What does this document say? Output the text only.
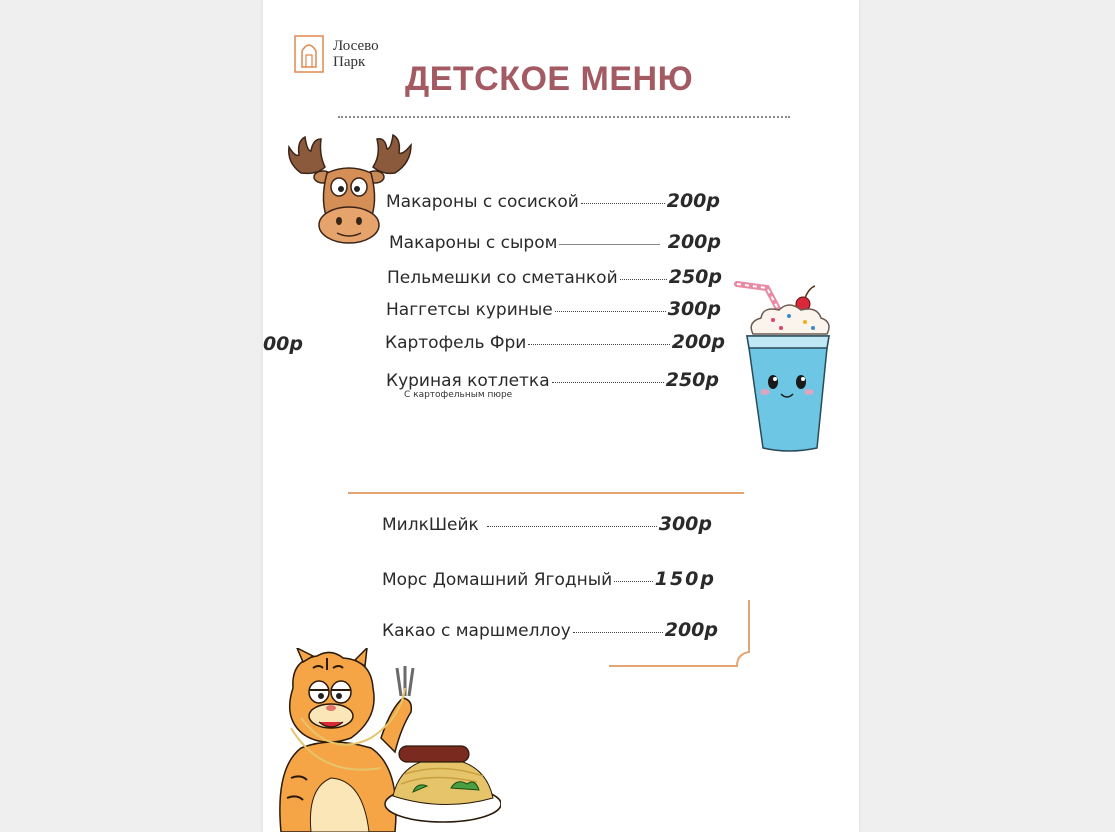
Лосево
Парк	ДЕТСКОЕ МЕНЮ
Макароны с сосиской	200р
Макароны с сыром	200р
Пельмешки со сметанкой	250р
Наггетсы куриные	300р
Картофель Фри	200р
Куриная котлетка	250р
С картофельным пюре
00р
МилкШейк	300р
Морс Домашний Ягодный 150р
Какао с маршмеллоу	200р
